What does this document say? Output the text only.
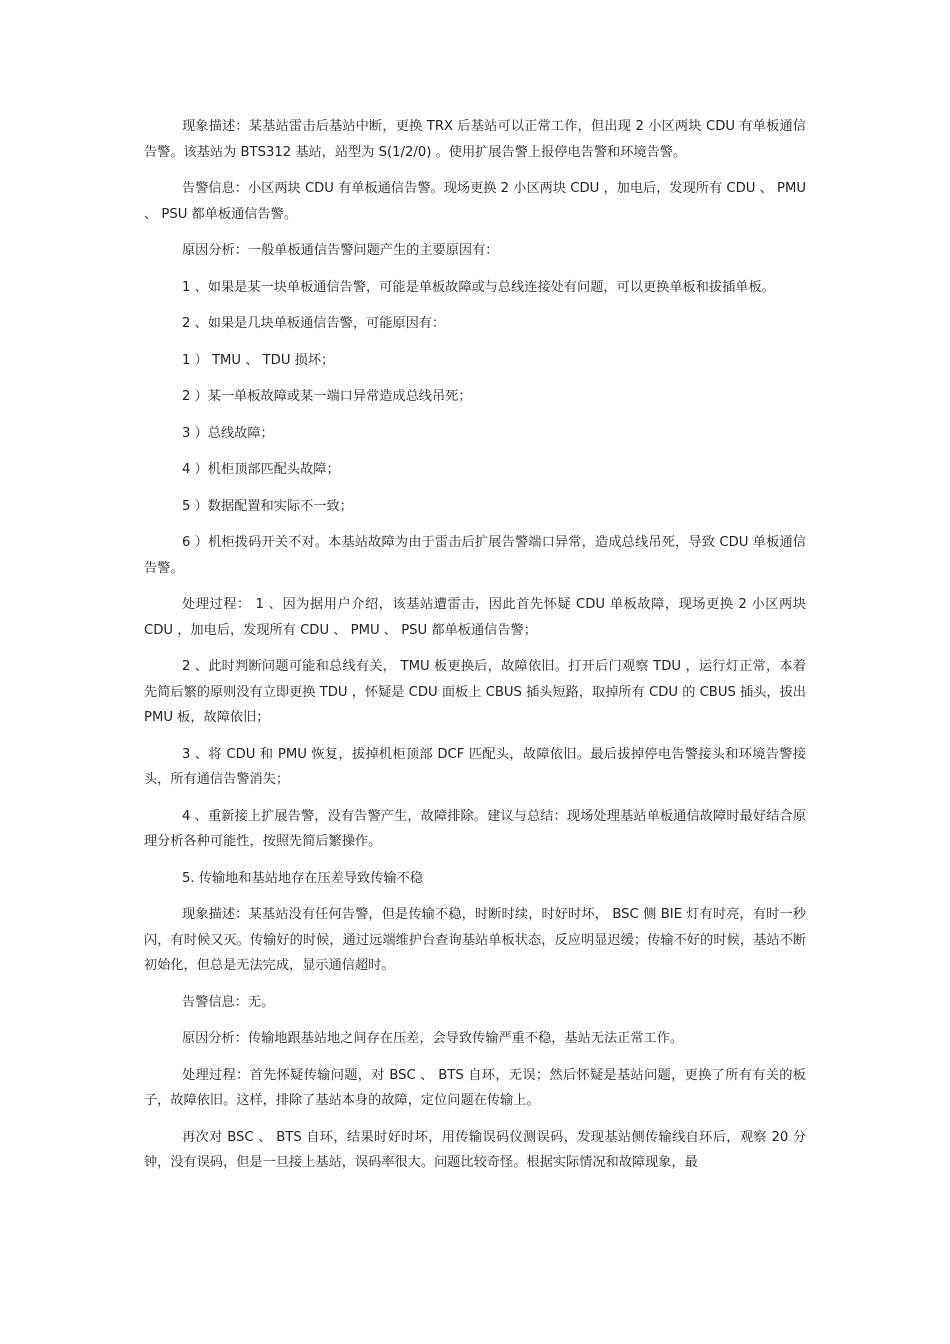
现象描述：某基站雷击后基站中断，更换 TRX 后基站可以正常工作，但出现 2 小区两块 CDU 有单板通信告警。该基站为 BTS312 基站，站型为 S(1/2/0) 。使用扩展告警上报停电告警和环境告警。

告警信息：小区两块 CDU 有单板通信告警。现场更换 2 小区两块 CDU ，加电后，发现所有 CDU 、 PMU 、 PSU 都单板通信告警。

原因分析：一般单板通信告警问题产生的主要原因有：

1 、如果是某一块单板通信告警，可能是单板故障或与总线连接处有问题，可以更换单板和拔插单板。

2 、如果是几块单板通信告警，可能原因有：

1 ） TMU 、 TDU 损坏；

2 ）某一单板故障或某一端口异常造成总线吊死；

3 ）总线故障；

4 ）机柜顶部匹配头故障；

5 ）数据配置和实际不一致；

6 ）机柜拨码开关不对。本基站故障为由于雷击后扩展告警端口异常，造成总线吊死，导致 CDU 单板通信告警。

处理过程： 1 、因为据用户介绍，该基站遭雷击，因此首先怀疑 CDU 单板故障，现场更换 2 小区两块 CDU ，加电后，发现所有 CDU 、 PMU 、 PSU 都单板通信告警；

2 、此时判断问题可能和总线有关， TMU 板更换后，故障依旧。打开后门观察 TDU ，运行灯正常，本着先简后繁的原则没有立即更换 TDU ，怀疑是 CDU 面板上 CBUS 插头短路，取掉所有 CDU 的 CBUS 插头，拔出 PMU 板，故障依旧；

3 、将 CDU 和 PMU 恢复，拔掉机柜顶部 DCF 匹配头，故障依旧。最后拔掉停电告警接头和环境告警接头，所有通信告警消失；

4 、重新接上扩展告警，没有告警产生，故障排除。建议与总结：现场处理基站单板通信故障时最好结合原理分析各种可能性，按照先简后繁操作。

5. 传输地和基站地存在压差导致传输不稳

现象描述：某基站没有任何告警，但是传输不稳，时断时续，时好时坏， BSC 侧 BIE 灯有时亮，有时一秒闪，有时候又灭。传输好的时候，通过远端维护台查询基站单板状态，反应明显迟缓；传输不好的时候，基站不断初始化，但总是无法完成，显示通信超时。

告警信息：无。

原因分析：传输地跟基站地之间存在压差，会导致传输严重不稳，基站无法正常工作。

处理过程：首先怀疑传输问题，对 BSC 、 BTS 自环，无误；然后怀疑是基站问题，更换了所有有关的板子，故障依旧。这样，排除了基站本身的故障，定位问题在传输上。

再次对 BSC 、 BTS 自环，结果时好时坏，用传输误码仪测误码，发现基站侧传输线自环后，观察 20 分钟，没有误码，但是一旦接上基站，误码率很大。问题比较奇怪。根据实际情况和故障现象，最
